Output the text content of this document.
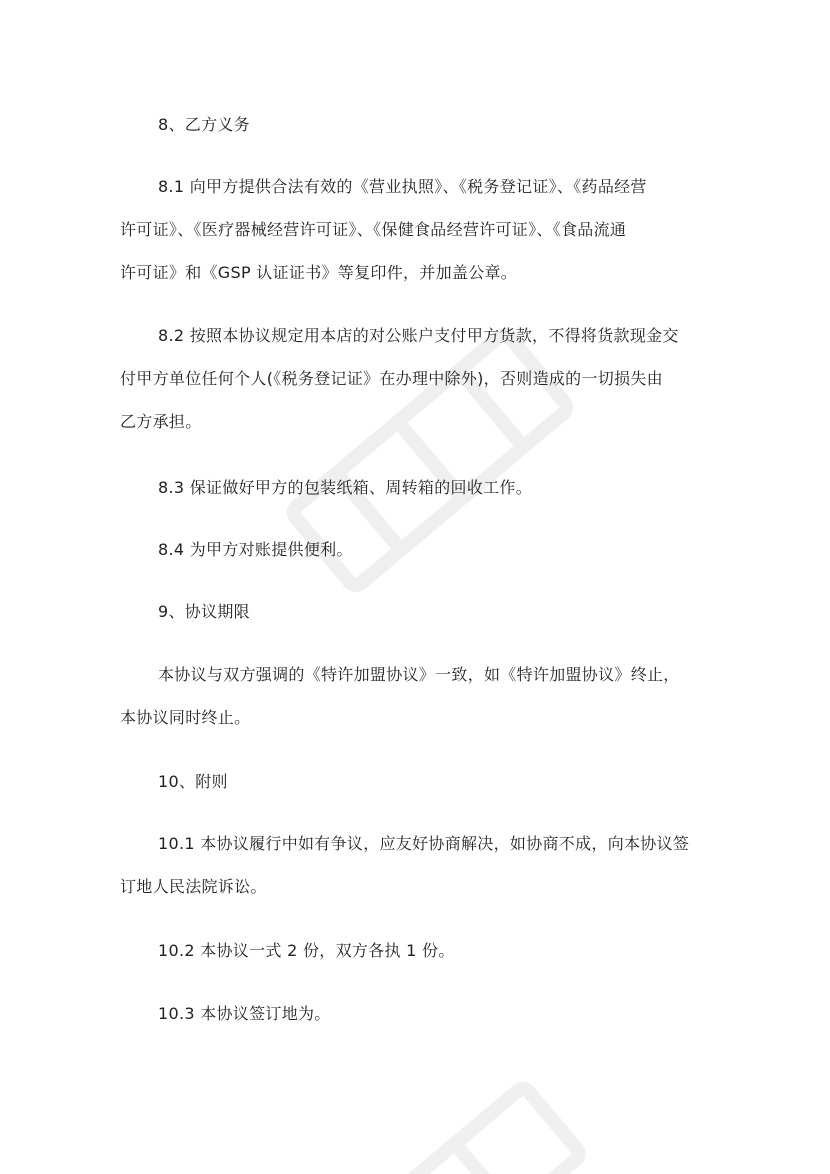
8、乙方义务
8.1 向甲方提供合法有效的《营业执照》、《税务登记证》、《药品经营
许可证》、《医疗器械经营许可证》、《保健食品经营许可证》、《食品流通
许可证》和《GSP 认证证书》等复印件，并加盖公章。
8.2 按照本协议规定用本店的对公账户支付甲方货款，不得将货款现金交
付甲方单位任何个人(《税务登记证》在办理中除外)，否则造成的一切损失由
乙方承担。
8.3 保证做好甲方的包装纸箱、周转箱的回收工作。
8.4 为甲方对账提供便利。
9、协议期限
本协议与双方强调的《特许加盟协议》一致，如《特许加盟协议》终止，
本协议同时终止。
10、附则
10.1 本协议履行中如有争议，应友好协商解决，如协商不成，向本协议签
订地人民法院诉讼。
10.2 本协议一式 2 份，双方各执 1 份。
10.3 本协议签订地为。
